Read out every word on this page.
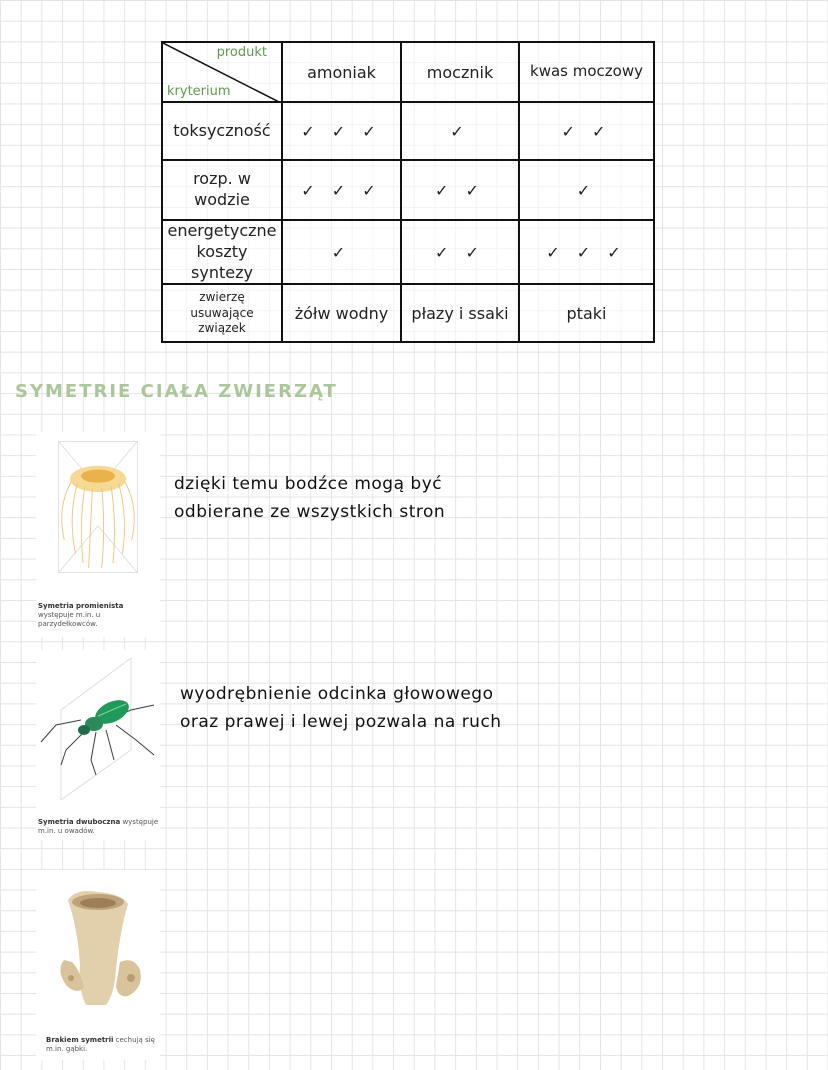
produkt
kryterium	amoniak	mocznik	kwas moczowy
toksyczność	✓ ✓ ✓	✓	✓ ✓
rozp. w wodzie	✓ ✓ ✓	✓ ✓	✓
energetyczne koszty syntezy	✓	✓ ✓	✓ ✓ ✓
zwierzę usuwające związek	żółw wodny	płazy i ssaki	ptaki
SYMETRIE CIAŁA ZWIERZĄT
Symetria promienista występuje m.in. u parzydełkowców.
dzięki temu bodźce mogą być
odbierane ze wszystkich stron
Symetria dwuboczna występuje m.in. u owadów.
wyodrębnienie odcinka głowowego
oraz prawej i lewej pozwala na ruch
Brakiem symetrii cechują się m.in. gąbki.
